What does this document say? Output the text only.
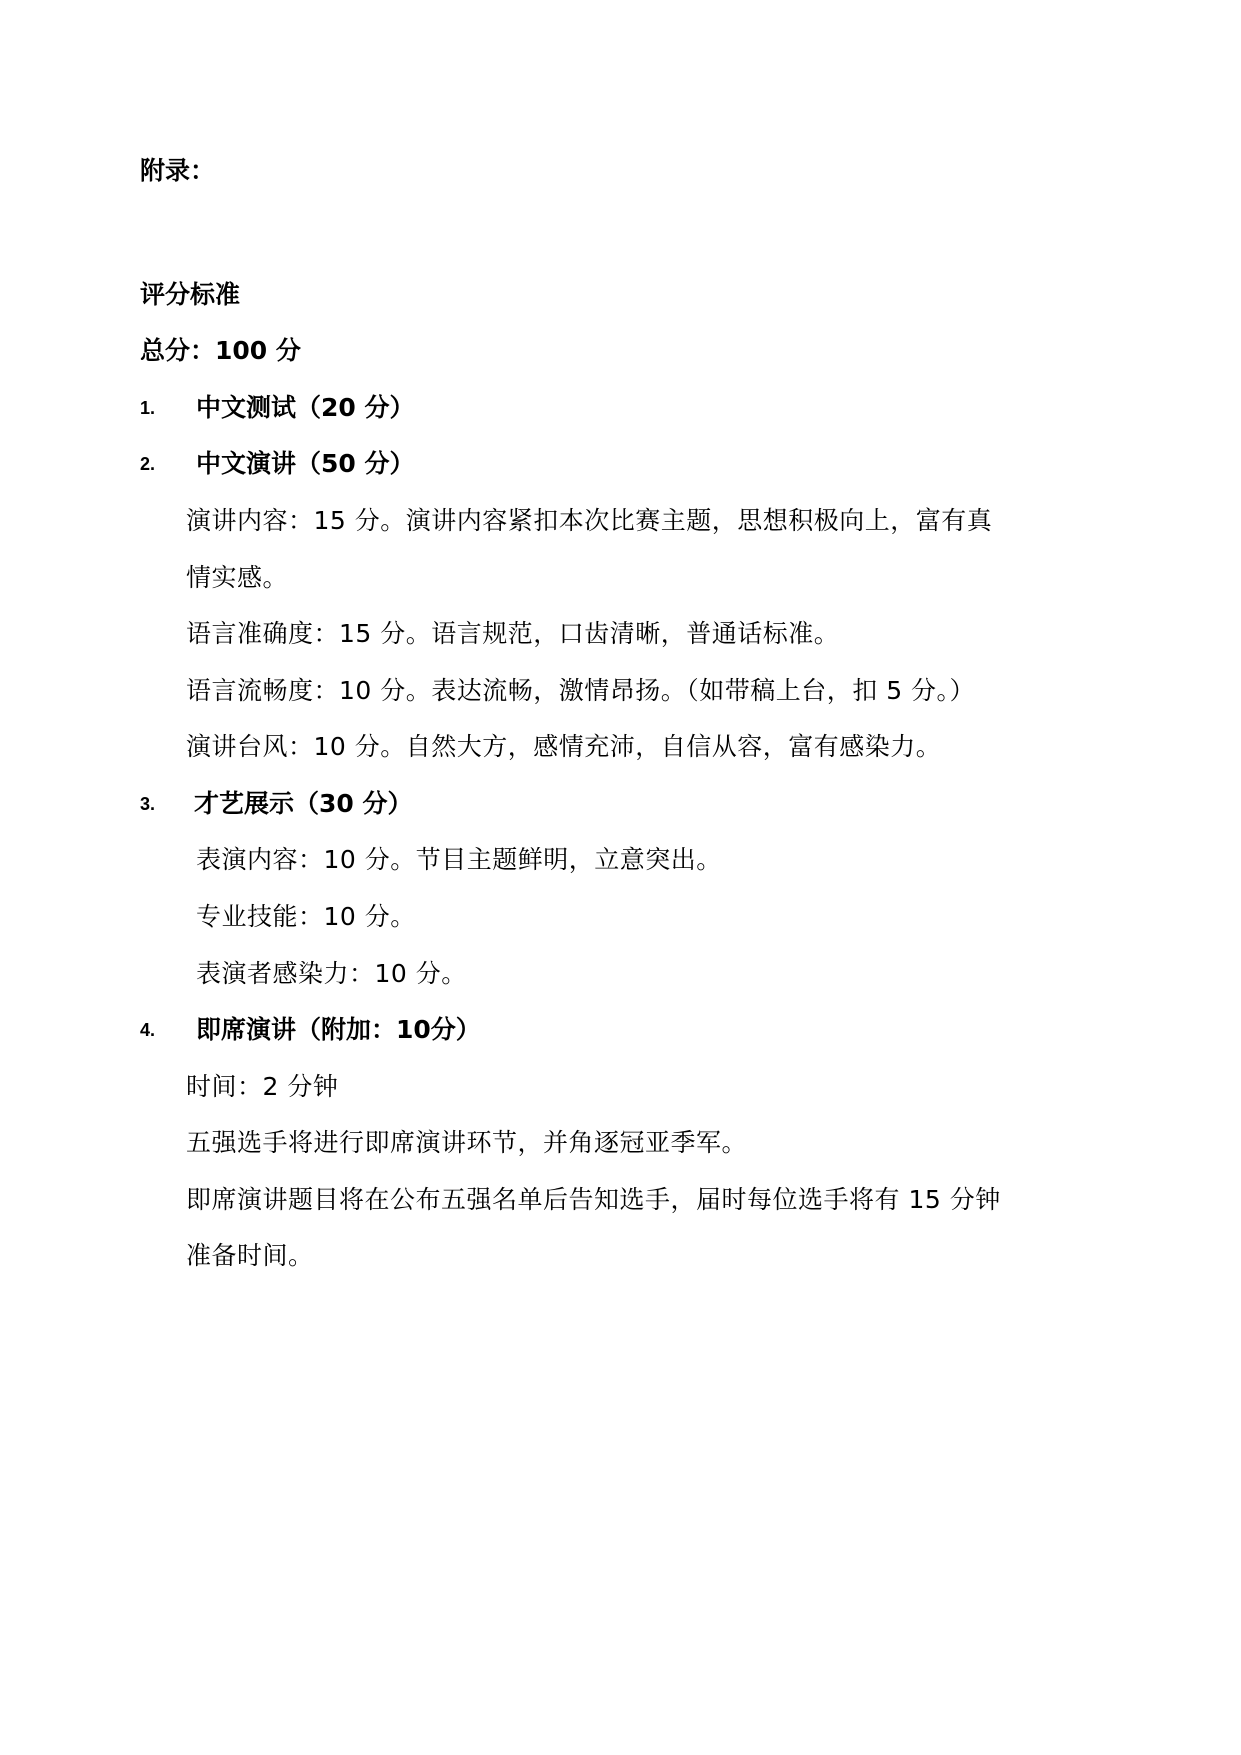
附录：
评分标准
总分：100 分
1. 中文测试（20 分）
2. 中文演讲（50 分）
演讲内容：15 分。演讲内容紧扣本次比赛主题，思想积极向上，富有真
情实感。
语言准确度：15 分。语言规范，口齿清晰，普通话标准。
语言流畅度：10 分。表达流畅，激情昂扬。（如带稿上台，扣 5 分。）
演讲台风：10 分。自然大方，感情充沛，自信从容，富有感染力。
3. 才艺展示（30 分）
表演内容：10 分。节目主题鲜明，立意突出。
专业技能：10 分。
表演者感染力：10 分。
4. 即席演讲（附加：10分）
时间：2 分钟
五强选手将进行即席演讲环节，并角逐冠亚季军。
即席演讲题目将在公布五强名单后告知选手，届时每位选手将有 15 分钟
准备时间。
